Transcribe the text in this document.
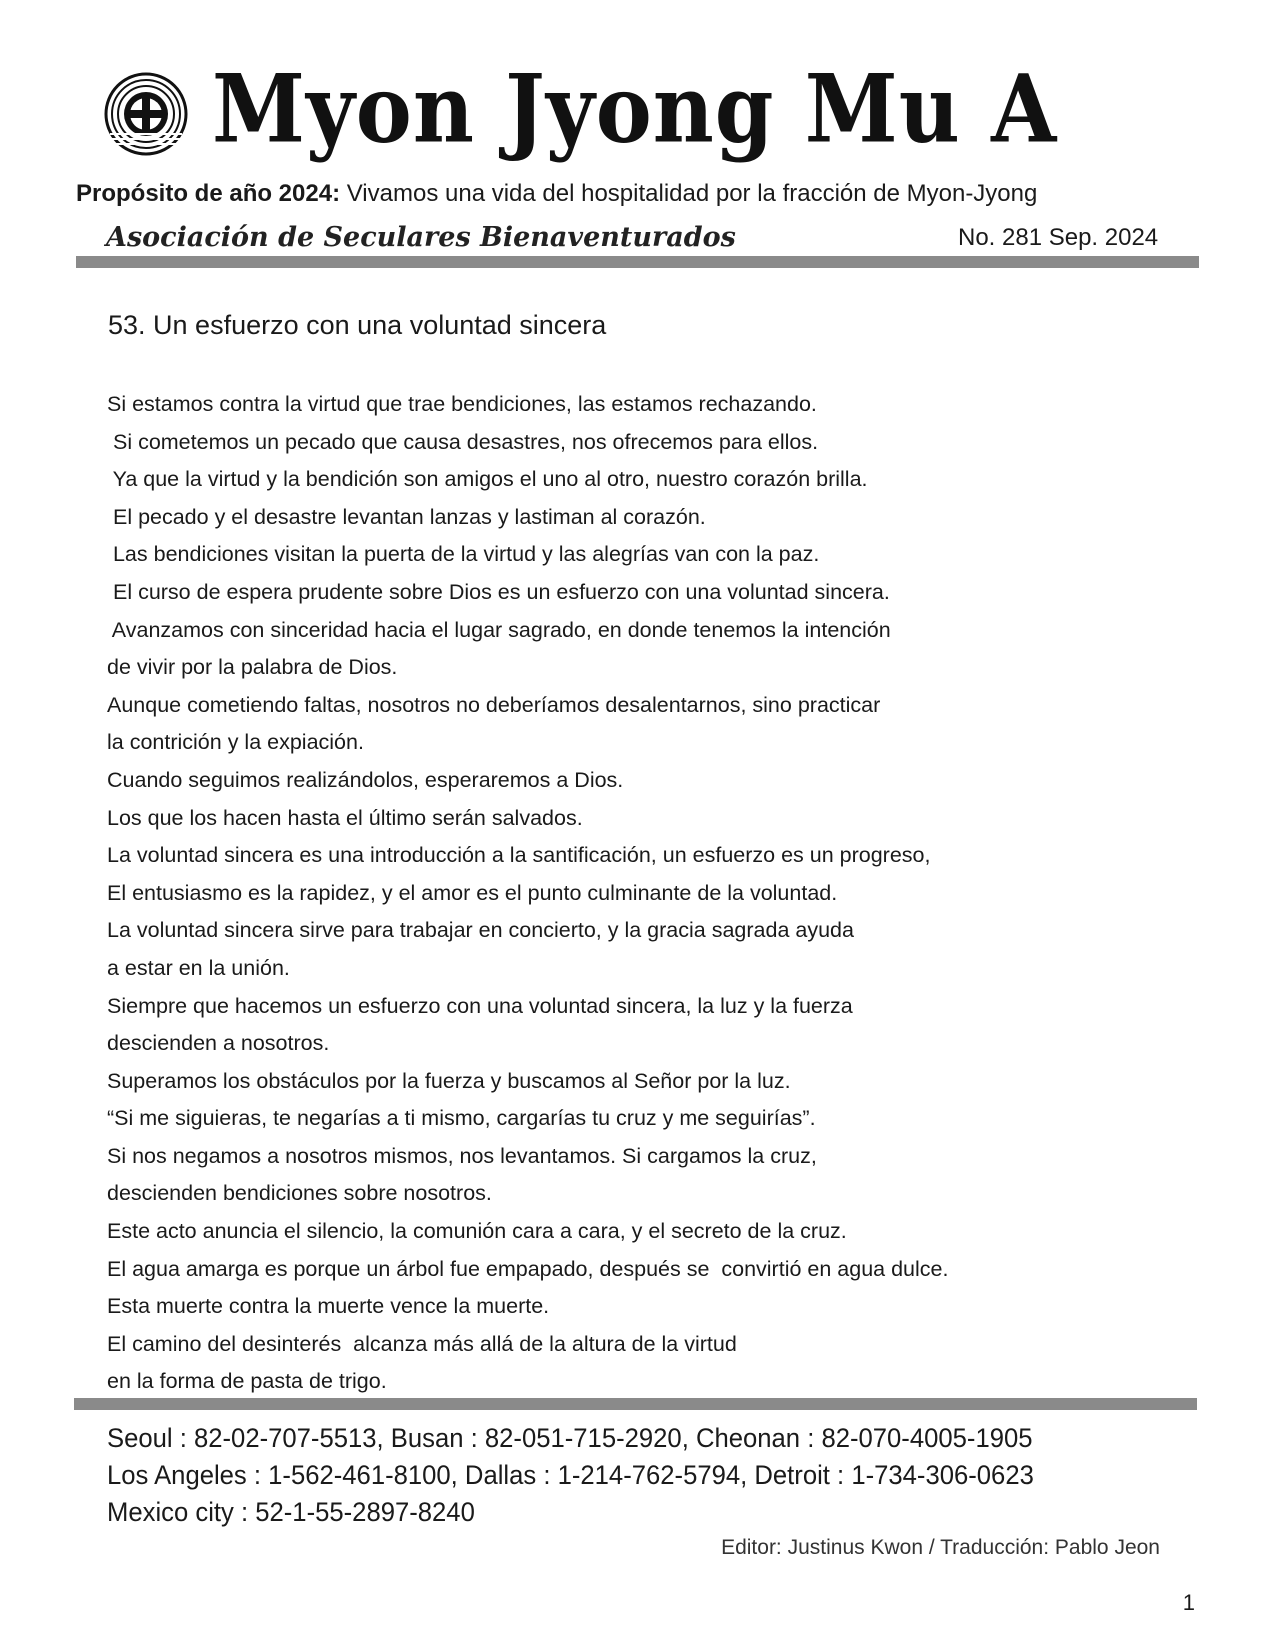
Myon Jyong Mu A
Propósito de año 2024: Vivamos una vida del hospitalidad por la fracción de Myon-Jyong
Asociación de Seculares Bienaventurados	No. 281 Sep. 2024
53. Un esfuerzo con una voluntad sincera
Si estamos contra la virtud que trae bendiciones, las estamos rechazando.
Si cometemos un pecado que causa desastres, nos ofrecemos para ellos.
Ya que la virtud y la bendición son amigos el uno al otro, nuestro corazón brilla.
El pecado y el desastre levantan lanzas y lastiman al corazón.
Las bendiciones visitan la puerta de la virtud y las alegrías van con la paz.
El curso de espera prudente sobre Dios es un esfuerzo con una voluntad sincera.
Avanzamos con sinceridad hacia el lugar sagrado, en donde tenemos la intención
de vivir por la palabra de Dios.
Aunque cometiendo faltas, nosotros no deberíamos desalentarnos, sino practicar
la contrición y la expiación.
Cuando seguimos realizándolos, esperaremos a Dios.
Los que los hacen hasta el último serán salvados.
La voluntad sincera es una introducción a la santificación, un esfuerzo es un progreso,
El entusiasmo es la rapidez, y el amor es el punto culminante de la voluntad.
La voluntad sincera sirve para trabajar en concierto, y la gracia sagrada ayuda
a estar en la unión.
Siempre que hacemos un esfuerzo con una voluntad sincera, la luz y la fuerza
descienden a nosotros.
Superamos los obstáculos por la fuerza y buscamos al Señor por la luz.
“Si me siguieras, te negarías a ti mismo, cargarías tu cruz y me seguirías”.
Si nos negamos a nosotros mismos, nos levantamos. Si cargamos la cruz,
descienden bendiciones sobre nosotros.
Este acto anuncia el silencio, la comunión cara a cara, y el secreto de la cruz.
El agua amarga es porque un árbol fue empapado, después se  convirtió en agua dulce.
Esta muerte contra la muerte vence la muerte.
El camino del desinterés  alcanza más allá de la altura de la virtud
en la forma de pasta de trigo.
Seoul : 82-02-707-5513, Busan : 82-051-715-2920, Cheonan : 82-070-4005-1905
Los Angeles : 1-562-461-8100, Dallas : 1-214-762-5794, Detroit : 1-734-306-0623
Mexico city : 52-1-55-2897-8240
Editor: Justinus Kwon / Traducción: Pablo Jeon
1
